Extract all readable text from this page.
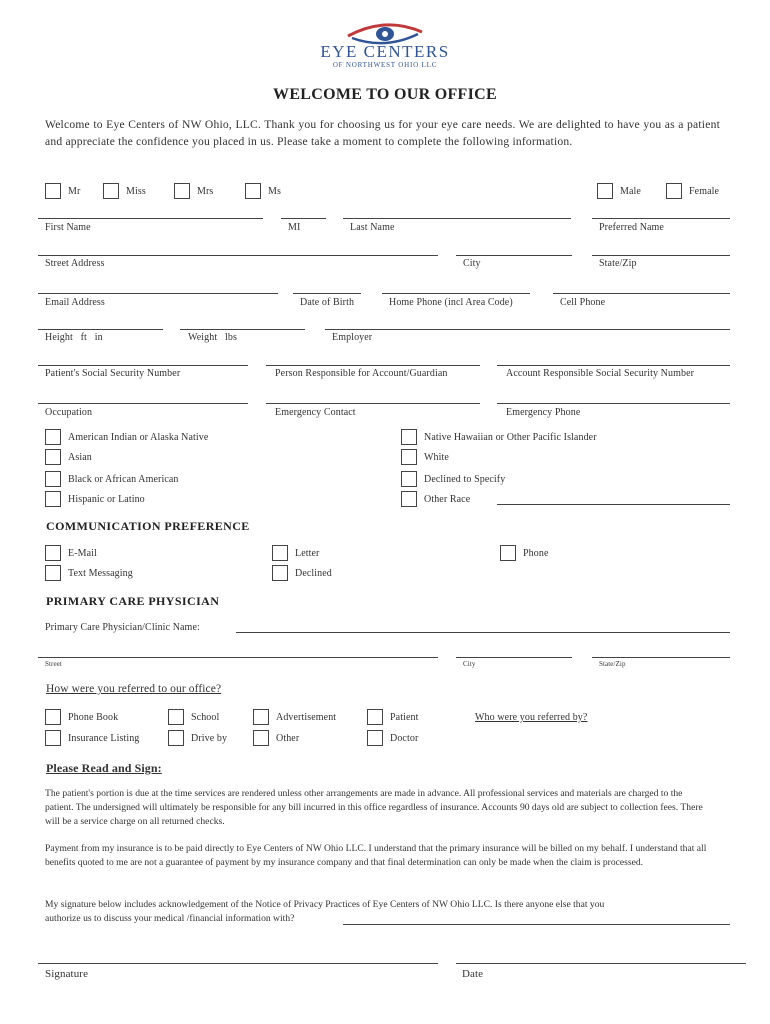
EYE CENTERS
OF NORTHWEST OHIO LLC
WELCOME TO OUR OFFICE
Welcome to Eye Centers of NW Ohio, LLC. Thank you for choosing us for your eye care needs. We are delighted to have you as a patient and appreciate the confidence you placed in us. Please take a moment to complete the following information.
Mr	Miss	Mrs	Ms	Male	Female
First Name	MI	Last Name	Preferred Name
Street Address	City	State/Zip
Email Address	Date of Birth	Home Phone (incl Area Code)	Cell Phone
Height   ft   in	Weight   lbs	Employer
Patient's Social Security Number	Person Responsible for Account/Guardian	Account Responsible Social Security Number
Occupation	Emergency Contact	Emergency Phone
American Indian or Alaska Native
Asian
Black or African American
Hispanic or Latino
Native Hawaiian or Other Pacific Islander
White
Declined to Specify
Other Race
COMMUNICATION PREFERENCE
E-Mail
Text Messaging
Letter
Declined
Phone
PRIMARY CARE PHYSICIAN
Primary Care Physician/Clinic Name:
Street	City	State/Zip
How were you referred to our office?
Phone Book
Insurance Listing
School
Drive by
Advertisement
Other
Patient
Doctor
Who were you referred by?
Please Read and Sign:
The patient's portion is due at the time services are rendered unless other arrangements are made in advance. All professional services and materials are charged to the patient. The undersigned will ultimately be responsible for any bill incurred in this office regardless of insurance. Accounts 90 days old are subject to collection fees. There will be a service charge on all returned checks.
Payment from my insurance is to be paid directly to Eye Centers of NW Ohio LLC. I understand that the primary insurance will be billed on my behalf. I understand that all benefits quoted to me are not a guarantee of payment by my insurance company and that final determination can only be made when the claim is processed.
My signature below includes acknowledgement of the Notice of Privacy Practices of Eye Centers of NW Ohio LLC. Is there anyone else that you
authorize us to discuss your medical /financial information with?
Signature	Date
